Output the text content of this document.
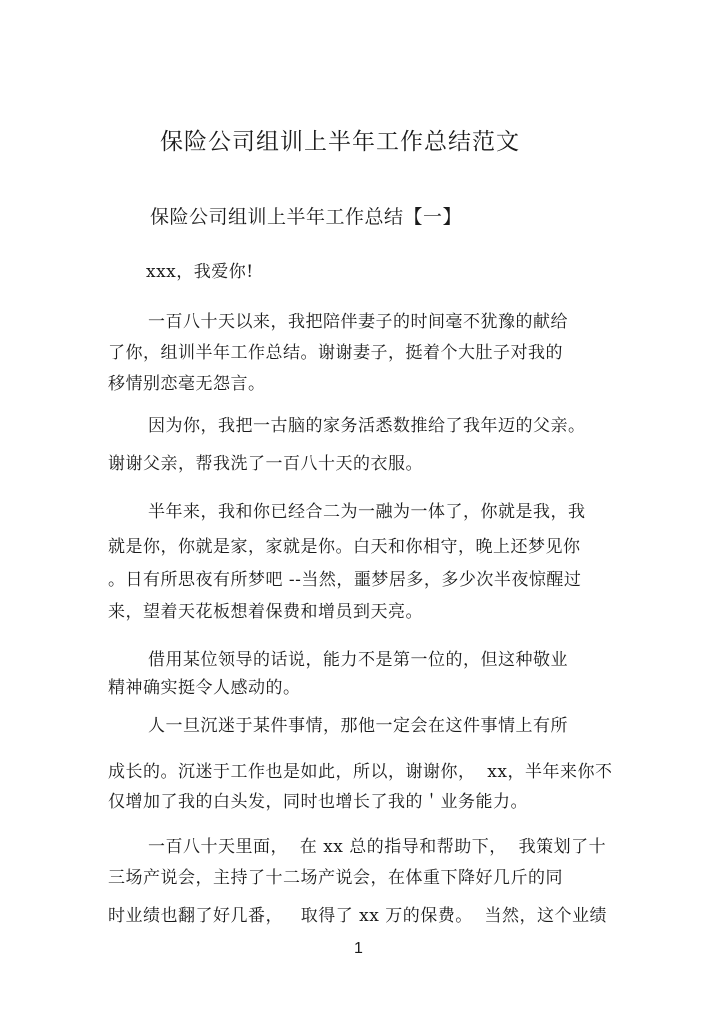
保险公司组训上半年工作总结范文
保险公司组训上半年工作总结【一】
xxx，我爱你!
一百八十天以来，我把陪伴妻子的时间毫不犹豫的献给
了你，组训半年工作总结。谢谢妻子，挺着个大肚子对我的
移情别恋毫无怨言。
因为你，我把一古脑的家务活悉数推给了我年迈的父亲。
谢谢父亲，帮我洗了一百八十天的衣服。
半年来，我和你已经合二为一融为一体了，你就是我，我
就是你，你就是家，家就是你。白天和你相守，晚上还梦见你
。日有所思夜有所梦吧 --当然，噩梦居多，多少次半夜惊醒过
来，望着天花板想着保费和增员到天亮。
借用某位领导的话说，能力不是第一位的，但这种敬业
精神确实挺令人感动的。
人一旦沉迷于某件事情，那他一定会在这件事情上有所
成长的。沉迷于工作也是如此，所以，谢谢你，  xx，半年来你不
仅增加了我的白头发，同时也增长了我的＇业务能力。
一百八十天里面，  在 xx 总的指导和帮助下，  我策划了十
三场产说会，主持了十二场产说会，在体重下降好几斤的同
时业绩也翻了好几番，   取得了 xx 万的保费。  当然，这个业绩
1
